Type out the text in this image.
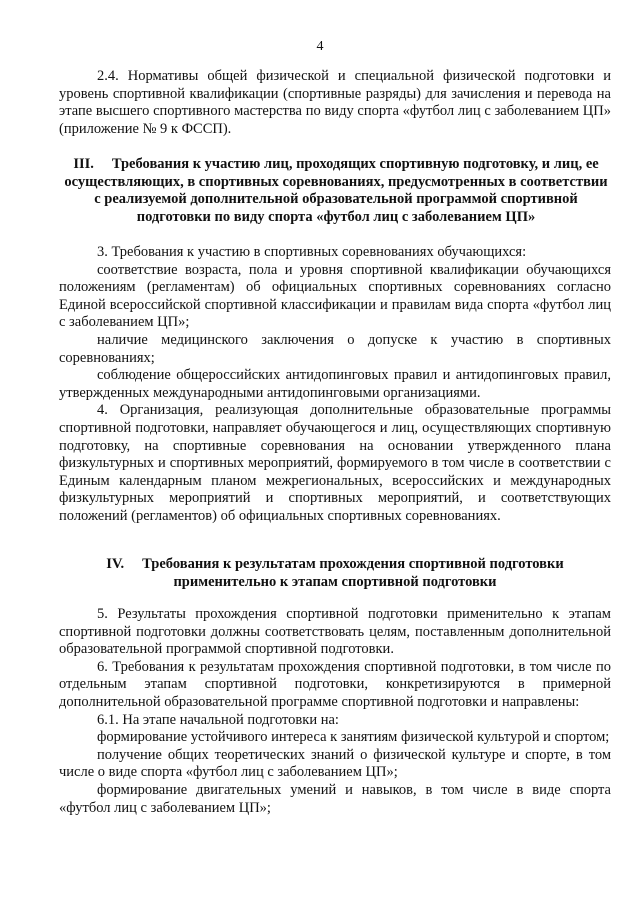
4

2.4. Нормативы общей физической и специальной физической подготовки и уровень спортивной квалификации (спортивные разряды) для зачисления и перевода на этапе высшего спортивного мастерства по виду спорта «футбол лиц с заболеванием ЦП» (приложение № 9 к ФССП).

III. Требования к участию лиц, проходящих спортивную подготовку, и лиц, ее осуществляющих, в спортивных соревнованиях, предусмотренных в соответствии с реализуемой дополнительной образовательной программой спортивной подготовки по виду спорта «футбол лиц с заболеванием ЦП»

3. Требования к участию в спортивных соревнованиях обучающихся:

соответствие возраста, пола и уровня спортивной квалификации обучающихся положениям (регламентам) об официальных спортивных соревнованиях согласно Единой всероссийской спортивной классификации и правилам вида спорта «футбол лиц с заболеванием ЦП»;

наличие медицинского заключения о допуске к участию в спортивных соревнованиях;

соблюдение общероссийских антидопинговых правил и антидопинговых правил, утвержденных международными антидопинговыми организациями.

4. Организация, реализующая дополнительные образовательные программы спортивной подготовки, направляет обучающегося и лиц, осуществляющих спортивную подготовку, на спортивные соревнования на основании утвержденного плана физкультурных и спортивных мероприятий, формируемого в том числе в соответствии с Единым календарным планом межрегиональных, всероссийских и международных физкультурных мероприятий и спортивных мероприятий, и соответствующих положений (регламентов) об официальных спортивных соревнованиях.

IV. Требования к результатам прохождения спортивной подготовки
применительно к этапам спортивной подготовки

5. Результаты прохождения спортивной подготовки применительно к этапам спортивной подготовки должны соответствовать целям, поставленным дополнительной образовательной программой спортивной подготовки.

6. Требования к результатам прохождения спортивной подготовки, в том числе по отдельным этапам спортивной подготовки, конкретизируются в примерной дополнительной образовательной программе спортивной подготовки и направлены:

6.1. На этапе начальной подготовки на:

формирование устойчивого интереса к занятиям физической культурой и спортом;

получение общих теоретических знаний о физической культуре и спорте, в том числе о виде спорта «футбол лиц с заболеванием ЦП»;

формирование двигательных умений и навыков, в том числе в виде спорта «футбол лиц с заболеванием ЦП»;
